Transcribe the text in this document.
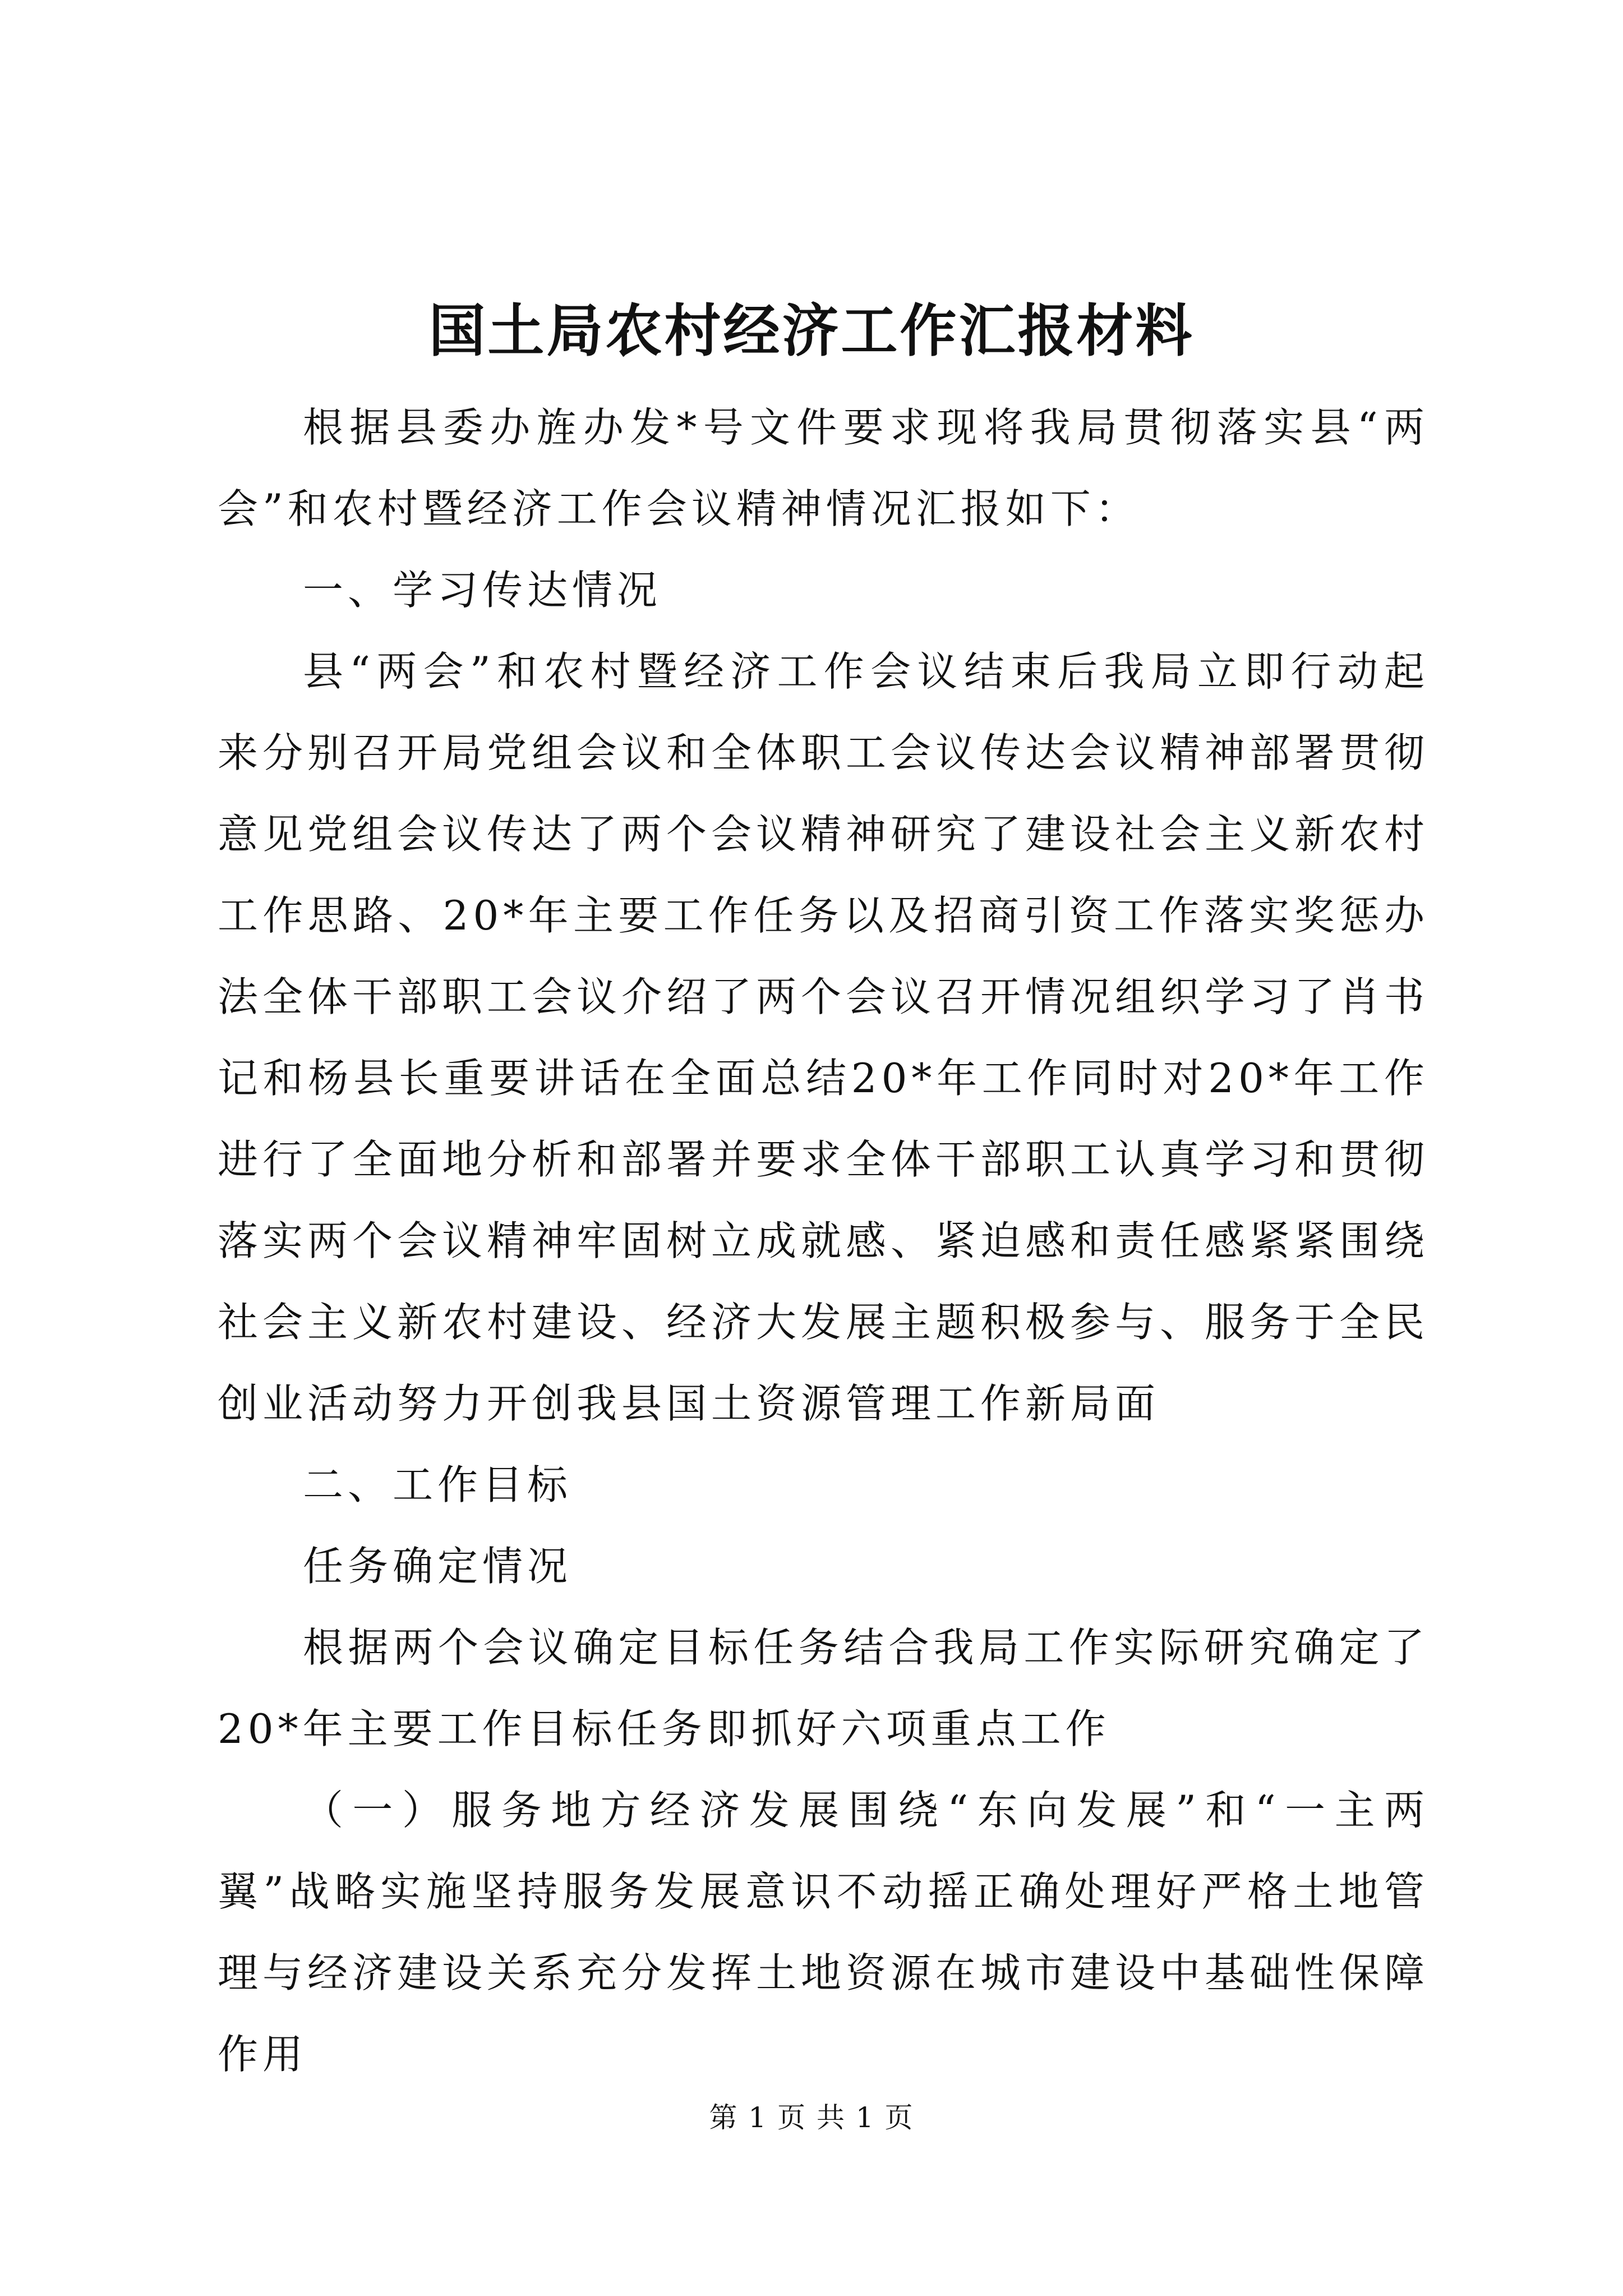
国土局农村经济工作汇报材料

根据县委办旌办发*号文件要求现将我局贯彻落实县“两会”和农村暨经济工作会议精神情况汇报如下：

一、学习传达情况

县“两会”和农村暨经济工作会议结束后我局立即行动起来分别召开局党组会议和全体职工会议传达会议精神部署贯彻意见党组会议传达了两个会议精神研究了建设社会主义新农村工作思路、20*年主要工作任务以及招商引资工作落实奖惩办法全体干部职工会议介绍了两个会议召开情况组织学习了肖书记和杨县长重要讲话在全面总结20*年工作同时对20*年工作进行了全面地分析和部署并要求全体干部职工认真学习和贯彻落实两个会议精神牢固树立成就感、紧迫感和责任感紧紧围绕社会主义新农村建设、经济大发展主题积极参与、服务于全民创业活动努力开创我县国土资源管理工作新局面

二、工作目标

任务确定情况

根据两个会议确定目标任务结合我局工作实际研究确定了20*年主要工作目标任务即抓好六项重点工作

（一）服务地方经济发展围绕“东向发展”和“一主两翼”战略实施坚持服务发展意识不动摇正确处理好严格土地管理与经济建设关系充分发挥土地资源在城市建设中基础性保障作用

第 1 页 共 1 页
